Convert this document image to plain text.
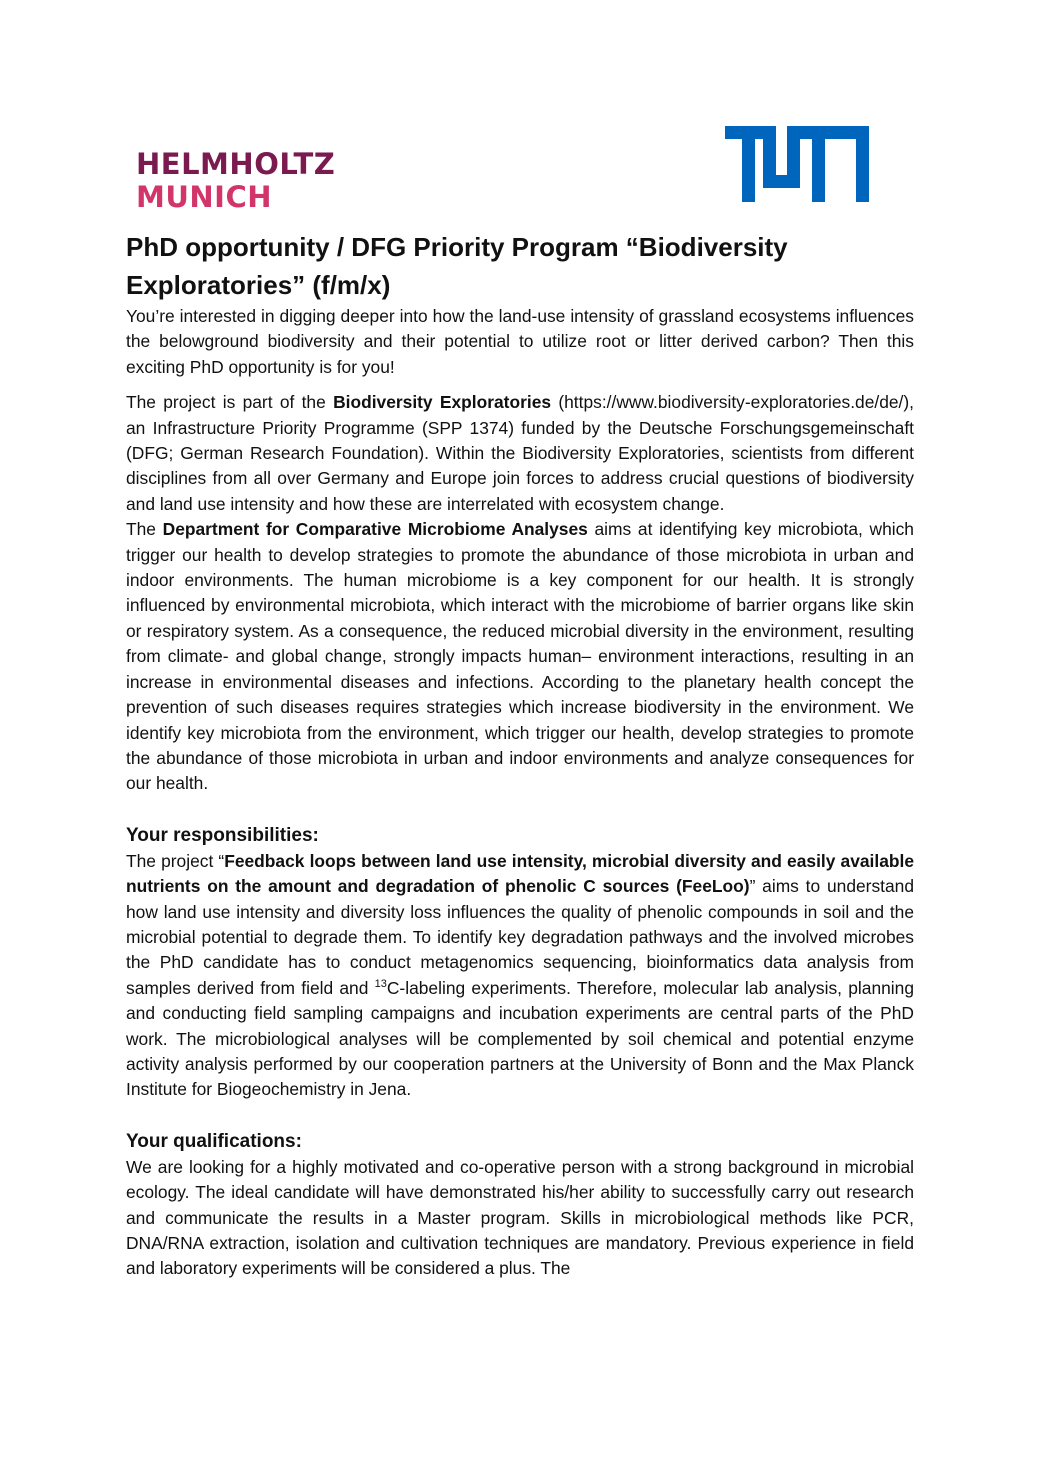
HELMHOLTZ
MUNICH
PhD opportunity / DFG Priority Program “Biodiversity Exploratories” (f/m/x)

You’re interested in digging deeper into how the land-use intensity of grassland ecosystems influences the belowground biodiversity and their potential to utilize root or litter derived carbon? Then this exciting PhD opportunity is for you!

The project is part of the Biodiversity Exploratories (https://www.biodiversity-exploratories.de/de/), an Infrastructure Priority Programme (SPP 1374) funded by the Deutsche Forschungsgemeinschaft (DFG; German Research Foundation). Within the Biodiversity Exploratories, scientists from different disciplines from all over Germany and Europe join forces to address crucial questions of biodiversity and land use intensity and how these are interrelated with ecosystem change.

The Department for Comparative Microbiome Analyses aims at identifying key microbiota, which trigger our health to develop strategies to promote the abundance of those microbiota in urban and indoor environments. The human microbiome is a key component for our health. It is strongly influenced by environmental microbiota, which interact with the microbiome of barrier organs like skin or respiratory system. As a consequence, the reduced microbial diversity in the environment, resulting from climate- and global change, strongly impacts human– environment interactions, resulting in an increase in environmental diseases and infections. According to the planetary health concept the prevention of such diseases requires strategies which increase biodiversity in the environment. We identify key microbiota from the environment, which trigger our health, develop strategies to promote the abundance of those microbiota in urban and indoor environments and analyze consequences for our health.

Your responsibilities:

The project “Feedback loops between land use intensity, microbial diversity and easily available nutrients on the amount and degradation of phenolic C sources (FeeLoo)” aims to understand how land use intensity and diversity loss influences the quality of phenolic compounds in soil and the microbial potential to degrade them. To identify key degradation pathways and the involved microbes the PhD candidate has to conduct metagenomics sequencing, bioinformatics data analysis from samples derived from field and $^{13}$C-labeling experiments. Therefore, molecular lab analysis, planning and conducting field sampling campaigns and incubation experiments are central parts of the PhD work. The microbiological analyses will be complemented by soil chemical and potential enzyme activity analysis performed by our cooperation partners at the University of Bonn and the Max Planck Institute for Biogeochemistry in Jena.

Your qualifications:

We are looking for a highly motivated and co-operative person with a strong background in microbial ecology. The ideal candidate will have demonstrated his/her ability to successfully carry out research and communicate the results in a Master program. Skills in microbiological methods like PCR, DNA/RNA extraction, isolation and cultivation techniques are mandatory. Previous experience in field and laboratory experiments will be considered a plus. The
